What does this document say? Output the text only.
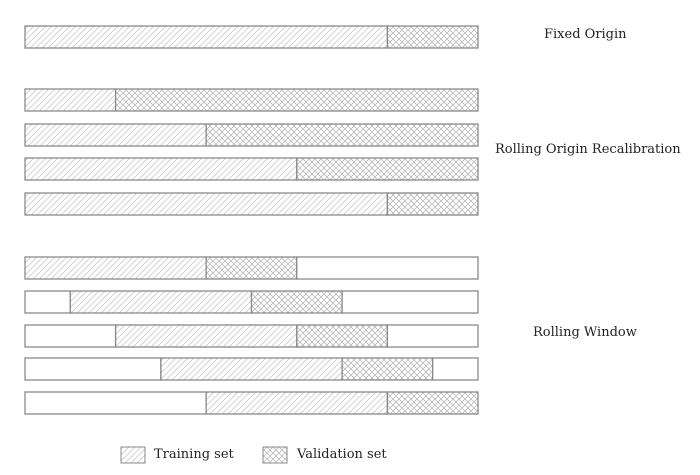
Fixed Origin
Rolling Origin Recalibration
Rolling Window
Training set	Validation set
